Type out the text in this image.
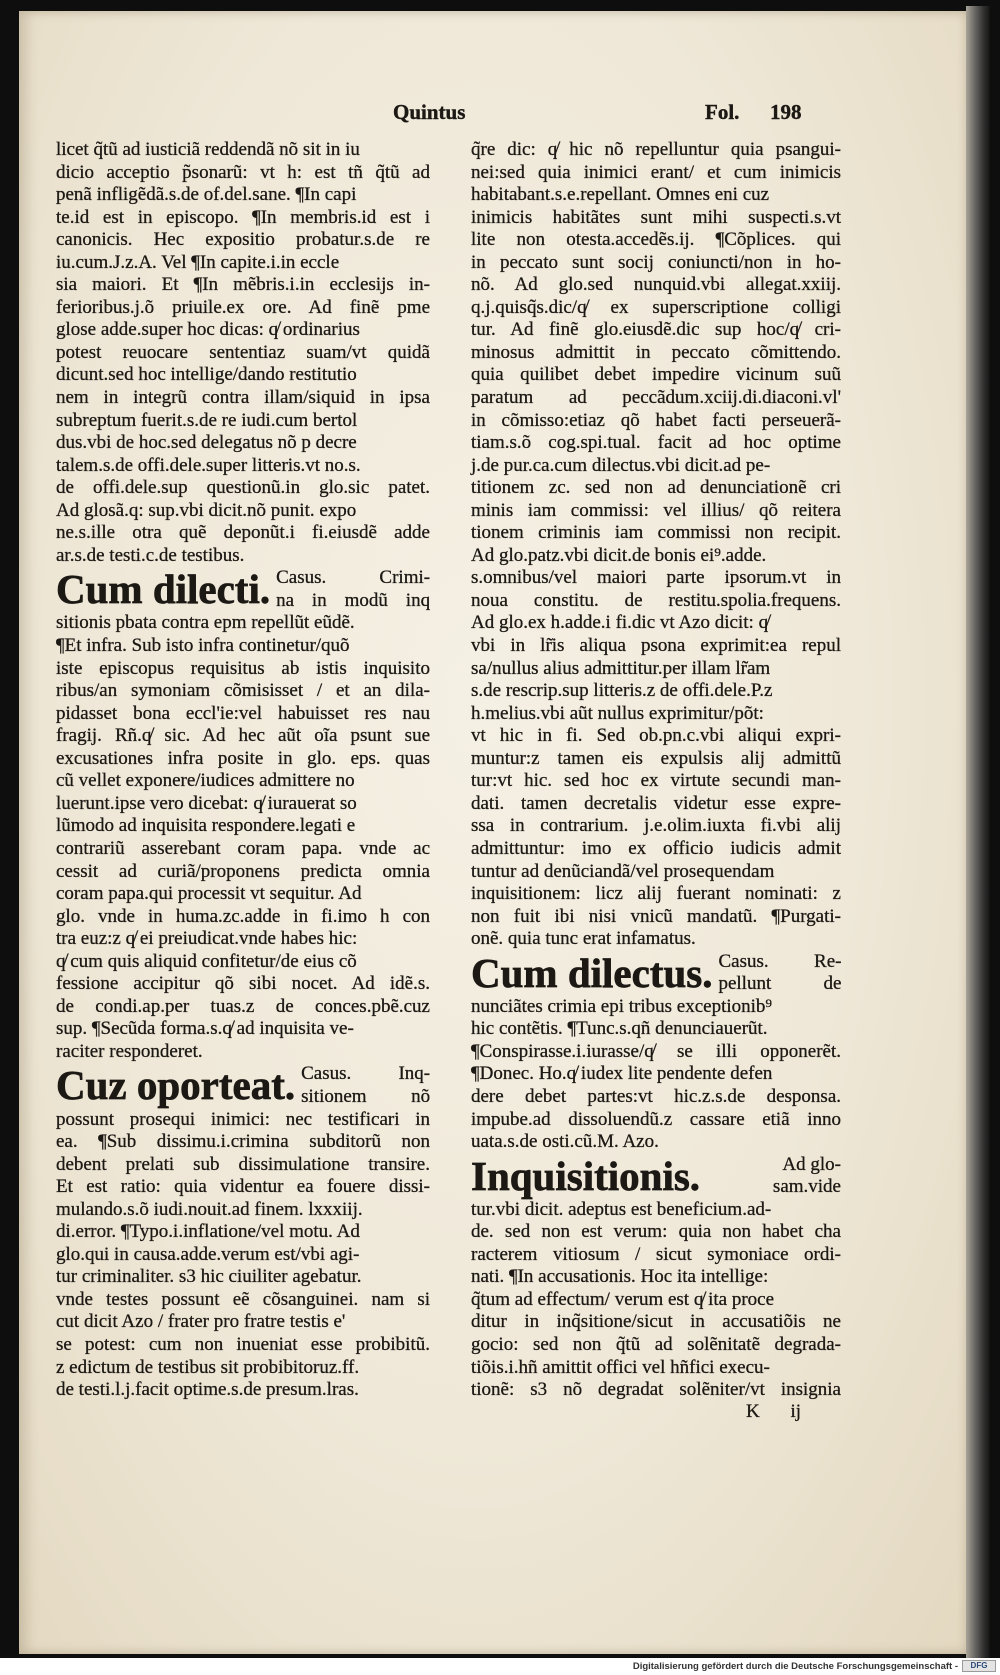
Quintus	Fol. 198
licet q̃tũ ad iusticiã reddendã nõ sit in iu
dicio acceptio p̃sonarũ: vt h: est tñ q̃tũ ad
penã infligẽdã.s.de of.del.sane. ¶In capi
te.id est in episcopo. ¶In membris.id est i
canonicis. Hec expositio probatur.s.de re
iu.cum.J.z.A. Vel ¶In capite.i.in eccle
sia maiori. Et ¶In mẽbris.i.in ecclesijs in-
ferioribus.j.õ priuile.ex ore. Ad finẽ pme
glose adde.super hoc dicas: q̸ ordinarius
potest reuocare sententiaz suam/vt quidã
dicunt.sed hoc intellige/dando restitutio
nem in integrũ contra illam/siquid in ipsa
subreptum fuerit.s.de re iudi.cum bertol
dus.vbi de hoc.sed delegatus nõ p decre
talem.s.de offi.dele.super litteris.vt no.s.
de offi.dele.sup questionũ.in glo.sic patet.
Ad glosã.q: sup.vbi dicit.nõ punit. expo
ne.s.ille otra quẽ deponũt.i fi.eiusdẽ adde
ar.s.de testi.c.de testibus.
Cum dilecti. Casus. Crimi-
na in modũ inq
sitionis pbata contra epm repellũt eũdẽ.
¶Et infra. Sub isto infra continetur/quõ
iste episcopus requisitus ab istis inquisito
ribus/an symoniam cõmisisset / et an dila-
pidasset bona eccl'ie:vel habuisset res nau
fragij. Rñ.q̸ sic. Ad hec aũt oĩa psunt sue
excusationes infra posite in glo. eps. quas
cũ vellet exponere/iudices admittere no
luerunt.ipse vero dicebat: q̸ iurauerat so
lũmodo ad inquisita respondere.legati e
contrariũ asserebant coram papa. vnde ac
cessit ad curiã/proponens predicta omnia
coram papa.qui processit vt sequitur. Ad
glo. vnde in huma.zc.adde in fi.imo h con
tra euz:z q̸ ei preiudicat.vnde habes hic:
q̸ cum quis aliquid confitetur/de eius cõ
fessione accipitur qõ sibi nocet. Ad idẽ.s.
de condi.ap.per tuas.z de conces.pbẽ.cuz
sup. ¶Secũda forma.s.q̸ ad inquisita ve-
raciter responderet.
Cuz oporteat. Casus. Inq-
sitionem nõ
possunt prosequi inimici: nec testificari in
ea. ¶Sub dissimu.i.crimina subditorũ non
debent prelati sub dissimulatione transire.
Et est ratio: quia videntur ea fouere dissi-
mulando.s.õ iudi.nouit.ad finem. lxxxiij.
di.error. ¶Typo.i.inflatione/vel motu. Ad
glo.qui in causa.adde.verum est/vbi agi-
tur criminaliter. s3 hic ciuiliter agebatur.
vnde testes possunt eẽ cõsanguinei. nam si
cut dicit Azo / frater pro fratre testis e'
se potest: cum non inueniat esse probibitũ.
z edictum de testibus sit probibitoruz.ff.
de testi.l.j.facit optime.s.de presum.lras.
q̃re dic: q̸ hic nõ repelluntur quia psangui-
nei:sed quia inimici erant/ et cum inimicis
habitabant.s.e.repellant. Omnes eni cuz
inimicis habitãtes sunt mihi suspecti.s.vt
lite non otesta.accedẽs.ij. ¶Cõplices. qui
in peccato sunt socij coniuncti/non in ho-
nõ. Ad glo.sed nunquid.vbi allegat.xxiij.
q.j.quisq̃s.dic/q̸ ex superscriptione colligi
tur. Ad finẽ glo.eiusdẽ.dic sup hoc/q̸ cri-
minosus admittit in peccato cõmittendo.
quia quilibet debet impedire vicinum suũ
paratum ad peccãdum.xciij.di.diaconi.vl'
in cõmisso:etiaz qõ habet facti perseuerã-
tiam.s.õ cog.spi.tual. facit ad hoc optime
j.de pur.ca.cum dilectus.vbi dicit.ad pe-
titionem zc. sed non ad denunciationẽ cri
minis iam commissi: vel illius/ qõ reitera
tionem criminis iam commissi non recipit.
Ad glo.patz.vbi dicit.de bonis ei⁹.adde.
s.omnibus/vel maiori parte ipsorum.vt in
noua constitu. de restitu.spolia.frequens.
Ad glo.ex h.adde.i fi.dic vt Azo dicit: q̸
vbi in lr̃is aliqua psona exprimit:ea repul
sa/nullus alius admittitur.per illam lr̃am
s.de rescrip.sup litteris.z de offi.dele.P.z
h.melius.vbi aũt nullus exprimitur/põt:
vt hic in fi. Sed ob.pn.c.vbi aliqui expri-
muntur:z tamen eis expulsis alij admittũ
tur:vt hic. sed hoc ex virtute secundi man-
dati. tamen decretalis videtur esse expre-
ssa in contrarium. j.e.olim.iuxta fi.vbi alij
admittuntur: imo ex officio iudicis admit
tuntur ad denũciandã/vel prosequendam
inquisitionem: licz alij fuerant nominati: z
non fuit ibi nisi vnicũ mandatũ. ¶Purgati-
onẽ. quia tunc erat infamatus.
Cum dilectus. Casus. Re-
pellunt de
nunciãtes crimia epi tribus exceptionib⁹
hic contẽtis. ¶Tunc.s.qñ denunciauerũt.
¶Conspirasse.i.iurasse/q̸ se illi opponerẽt.
¶Donec. Ho.q̸ iudex lite pendente defen
dere debet partes:vt hic.z.s.de desponsa.
impube.ad dissoluendũ.z cassare etiã inno
uata.s.de osti.cũ.M. Azo.
Inquisitionis.	Ad glo-
sam.vide
tur.vbi dicit. adeptus est beneficium.ad-
de. sed non est verum: quia non habet cha
racterem vitiosum / sicut symoniace ordi-
nati. ¶In accusationis. Hoc ita intellige:
q̃tum ad effectum/ verum est q̸ ita proce
ditur in inq̃sitione/sicut in accusatiõis ne
gocio: sed non q̃tũ ad solẽnitatẽ degrada-
tiõis.i.hñ amittit offici vel hñfici execu-
tionẽ: s3 nõ degradat solẽniter/vt insignia
K ij
Digitalisierung gefördert durch die Deutsche Forschungsgemeinschaft -	DFG
